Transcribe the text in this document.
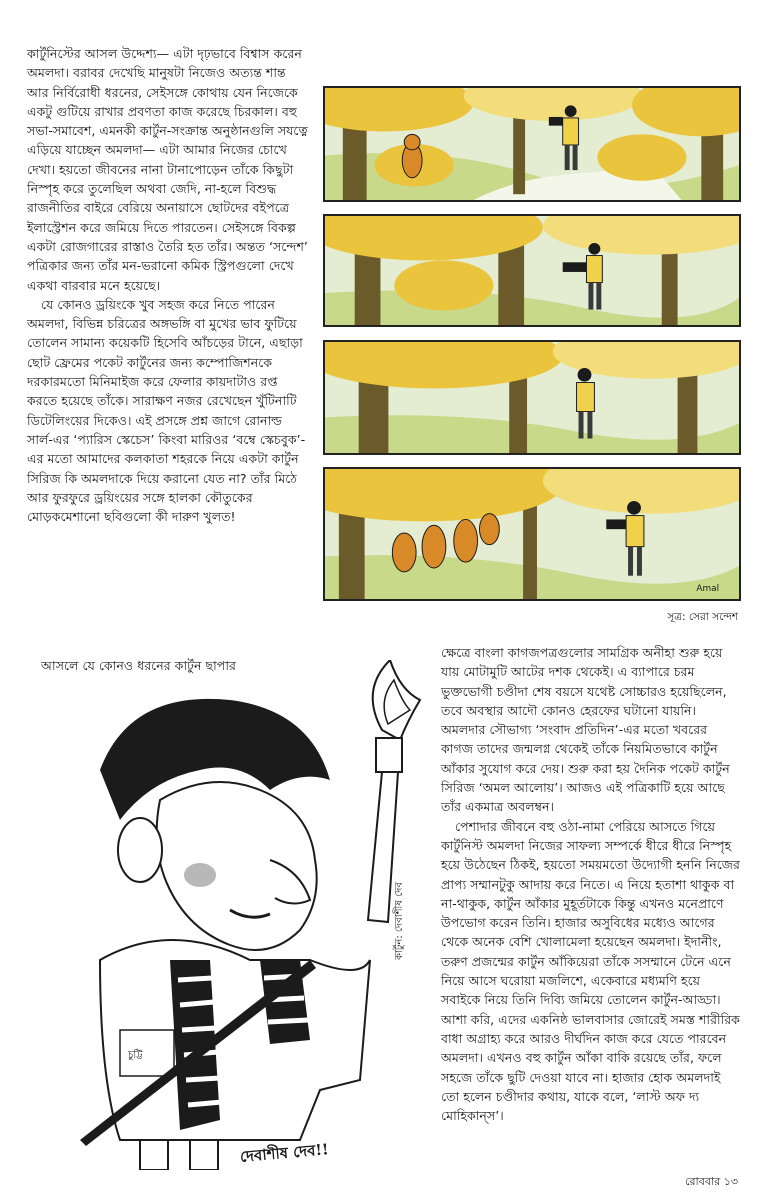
কার্টুনিস্টের আসল উদ্দেশ্য— এটা দৃঢ়ভাবে বিশ্বাস করেন অমলদা। বরাবর দেখেছি মানুষটা নিজেও অত্যন্ত শান্ত আর নির্বিরোধী ধরনের, সেইসঙ্গে কোথায় যেন নিজেকে একটু গুটিয়ে রাখার প্রবণতা কাজ করেছে চিরকাল। বহু সভা-সমাবেশ, এমনকী কার্টুন-সংক্রান্ত অনুষ্ঠানগুলি সযত্নে এড়িয়ে যাচ্ছেন অমলদা— এটা আমার নিজের চোখে দেখা। হয়তো জীবনের নানা টানাপোড়েন তাঁকে কিছুটা নিস্পৃহ করে তুলেছিল অথবা জেদি, না-হলে বিশুদ্ধ রাজনীতির বাইরে বেরিয়ে অনায়াসে ছোটদের বইপত্রে ইলাস্ট্রেশন করে জমিয়ে দিতে পারতেন। সেইসঙ্গে বিকল্প একটা রোজগারের রাস্তাও তৈরি হত তাঁর। অন্তত ‘সন্দেশ’ পত্রিকার জন্য তাঁর মন-ভরানো কমিক স্ট্রিপগুলো দেখে একথা বারবার মনে হয়েছে।

যে কোনও ড্রয়িংকে খুব সহজ করে নিতে পারেন অমলদা, বিভিন্ন চরিত্রের অঙ্গভঙ্গি বা মুখের ভাব ফুটিয়ে তোলেন সামান্য কয়েকটি হিসেবি আঁচড়ের টানে, এছাড়া ছোট ফ্রেমের পকেট কার্টুনের জন্য কম্পোজিশনকে দরকারমতো মিনিমাইজ করে ফেলার কায়দাটাও রপ্ত করতে হয়েছে তাঁকে। সারাক্ষণ নজর রেখেছেন খুঁটিনাটি ডিটেলিংয়ের দিকেও। এই প্রসঙ্গে প্রশ্ন জাগে রোনাল্ড সার্ল-এর ‘প্যারিস স্কেচেস’ কিংবা মারিওর ‘বম্বে স্কেচবুক’-এর মতো আমাদের কলকাতা শহরকে নিয়ে একটা কার্টুন সিরিজ কি অমলদাকে দিয়ে করানো যেত না? তাঁর মিঠে আর ফুরফুরে ড্রয়িংয়ের সঙ্গে হালকা কৌতুকের মোড়কমেশানো ছবিগুলো কী দারুণ খুলত!

আসলে যে কোনও ধরনের কার্টুন ছাপার

Amal
সূত্র: সেরা সন্দেশ
চুট্টি
কার্টুন: দেবাশীষ দেব
দেবাশীষ দেব!!

ক্ষেত্রে বাংলা কাগজপত্রগুলোর সামগ্রিক অনীহা শুরু হয়ে যায় মোটামুটি আটের দশক থেকেই। এ ব্যাপারে চরম ভুক্তভোগী চণ্ডীদা শেষ বয়সে যথেষ্ট সোচ্চারও হয়েছিলেন, তবে অবস্থার আদৌ কোনও হেরফের ঘটানো যায়নি। অমলদার সৌভাগ্য ‘সংবাদ প্রতিদিন’-এর মতো খবরের কাগজ তাদের জন্মলগ্ন থেকেই তাঁকে নিয়মিতভাবে কার্টুন আঁকার সুযোগ করে দেয়। শুরু করা হয় দৈনিক পকেট কার্টুন সিরিজ ‘অমল আলোয়’। আজও এই পত্রিকাটি হয়ে আছে তাঁর একমাত্র অবলম্বন।

পেশাদার জীবনে বহু ওঠা-নামা পেরিয়ে আসতে গিয়ে কার্টুনিস্ট অমলদা নিজের সাফল্য সম্পর্কে ধীরে ধীরে নিস্পৃহ হয়ে উঠেছেন ঠিকই, হয়তো সময়মতো উদ্যোগী হননি নিজের প্রাপ্য সম্মানটুকু আদায় করে নিতে। এ নিয়ে হতাশা থাকুক বা না-থাকুক, কার্টুন আঁকার মুহূর্তটাকে কিন্তু এখনও মনেপ্রাণে উপভোগ করেন তিনি। হাজার অসুবিধের মধ্যেও আগের থেকে অনেক বেশি খোলামেলা হয়েছেন অমলদা। ইদানীং, তরুণ প্রজন্মের কার্টুন আঁকিয়েরা তাঁকে সসম্মানে টেনে এনে নিয়ে আসে ঘরোয়া মজলিশে, একেবারে মধ্যমণি হয়ে সবাইকে নিয়ে তিনি দিব্যি জমিয়ে তোলেন কার্টুন-আড্ডা। আশা করি, এদের একনিষ্ঠ ভালবাসার জোরেই সমস্ত শারীরিক বাধা অগ্রাহ্য করে আরও দীর্ঘদিন কাজ করে যেতে পারবেন অমলদা। এখনও বহু কার্টুন আঁকা বাকি রয়েছে তাঁর, ফলে সহজে তাঁকে ছুটি দেওয়া যাবে না। হাজার হোক অমলদাই তো হলেন চণ্ডীদার কথায়, যাকে বলে, ‘লাস্ট অফ দ্য মোহিকান্‌স’।

রোববার ১৩
